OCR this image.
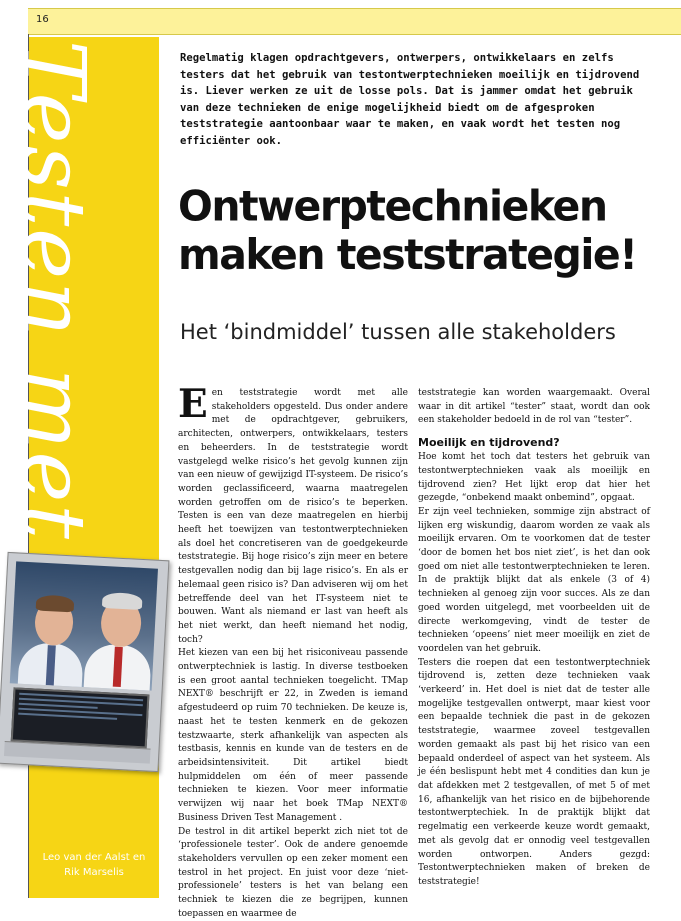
16
Leo van der Aalst en
Rik Marselis
Testen met	Regelmatig klagen opdrachtgevers, ontwerpers, ontwikkelaars en zelfs testers dat het gebruik van testontwerptechnieken moeilijk en tijdrovend is. Liever werken ze uit de losse pols. Dat is jammer omdat het gebruik van deze technieken de enige mogelijkheid biedt om de afgesproken teststrategie aantoonbaar waar te maken, en vaak wordt het testen nog efficiënter ook.
Ontwerptechnieken maken teststrategie!
Het ‘bindmiddel’ tussen alle stakeholders
E en teststrategie wordt met alle stakeholders opgesteld. Dus onder andere met de opdrachtgever, gebruikers, architecten, ontwerpers, ontwikkelaars, testers en beheerders. In de teststrategie wordt vastgelegd welke risico’s het gevolg kunnen zijn van een nieuw of gewijzigd IT-systeem. De risico’s worden geclassificeerd, waarna maatregelen worden getroffen om de risico’s te beperken. Testen is een van deze maatregelen en hierbij heeft het toewijzen van testontwerptechnieken als doel het concretiseren van de goedgekeurde teststrategie. Bij hoge risico’s zijn meer en betere testgevallen nodig dan bij lage risico’s. En als er helemaal geen risico is? Dan adviseren wij om het betreffende deel van het IT-systeem niet te bouwen. Want als niemand er last van heeft als het niet werkt, dan heeft niemand het nodig, toch?

Het kiezen van een bij het risiconiveau passende ontwerptechniek is lastig. In diverse testboeken is een groot aantal technieken toegelicht. TMap NEXT® beschrijft er 22, in Zweden is iemand afgestudeerd op ruim 70 technieken. De keuze is, naast het te testen kenmerk en de gekozen testzwaarte, sterk afhankelijk van aspecten als testbasis, kennis en kunde van de testers en de arbeidsintensiviteit. Dit artikel biedt hulpmiddelen om één of meer passende technieken te kiezen. Voor meer informatie verwijzen wij naar het boek TMap NEXT® Business Driven Test Management .

De testrol in dit artikel beperkt zich niet tot de ‘professionele tester’. Ook de andere genoemde stakeholders vervullen op een zeker moment een testrol in het project. En juist voor deze ‘niet-professionele’ testers is het van belang een techniek te kiezen die ze begrijpen, kunnen toepassen en waarmee de

teststrategie kan worden waargemaakt. Overal waar in dit artikel “tester” staat, wordt dan ook een stakeholder bedoeld in de rol van “tester”.

Moeilijk en tijdrovend?

Hoe komt het toch dat testers het gebruik van testontwerptechnieken vaak als moeilijk en tijdrovend zien? Het lijkt erop dat hier het gezegde, “onbekend maakt onbemind”, opgaat.

Er zijn veel technieken, sommige zijn abstract of lijken erg wiskundig, daarom worden ze vaak als moeilijk ervaren. Om te voorkomen dat de tester ‘door de bomen het bos niet ziet’, is het dan ook goed om niet alle testontwerptechnieken te leren. In de praktijk blijkt dat als enkele (3 of 4) technieken al genoeg zijn voor succes. Als ze dan goed worden uitgelegd, met voorbeelden uit de directe werkomgeving, vindt de tester de technieken ‘opeens’ niet meer moeilijk en ziet de voordelen van het gebruik.

Testers die roepen dat een testontwerptechniek tijdrovend is, zetten deze technieken vaak ‘verkeerd’ in. Het doel is niet dat de tester alle mogelijke testgevallen ontwerpt, maar kiest voor een bepaalde techniek die past in de gekozen teststrategie, waarmee zoveel testgevallen worden gemaakt als past bij het risico van een bepaald onderdeel of aspect van het systeem. Als je één beslispunt hebt met 4 condities dan kun je dat afdekken met 2 testgevallen, of met 5 of met 16, afhankelijk van het risico en de bijbehorende testontwerptechiek. In de praktijk blijkt dat regelmatig een verkeerde keuze wordt gemaakt, met als gevolg dat er onnodig veel testgevallen worden ontworpen. Anders gezgd: Testontwerptechnieken maken of breken de teststrategie!
